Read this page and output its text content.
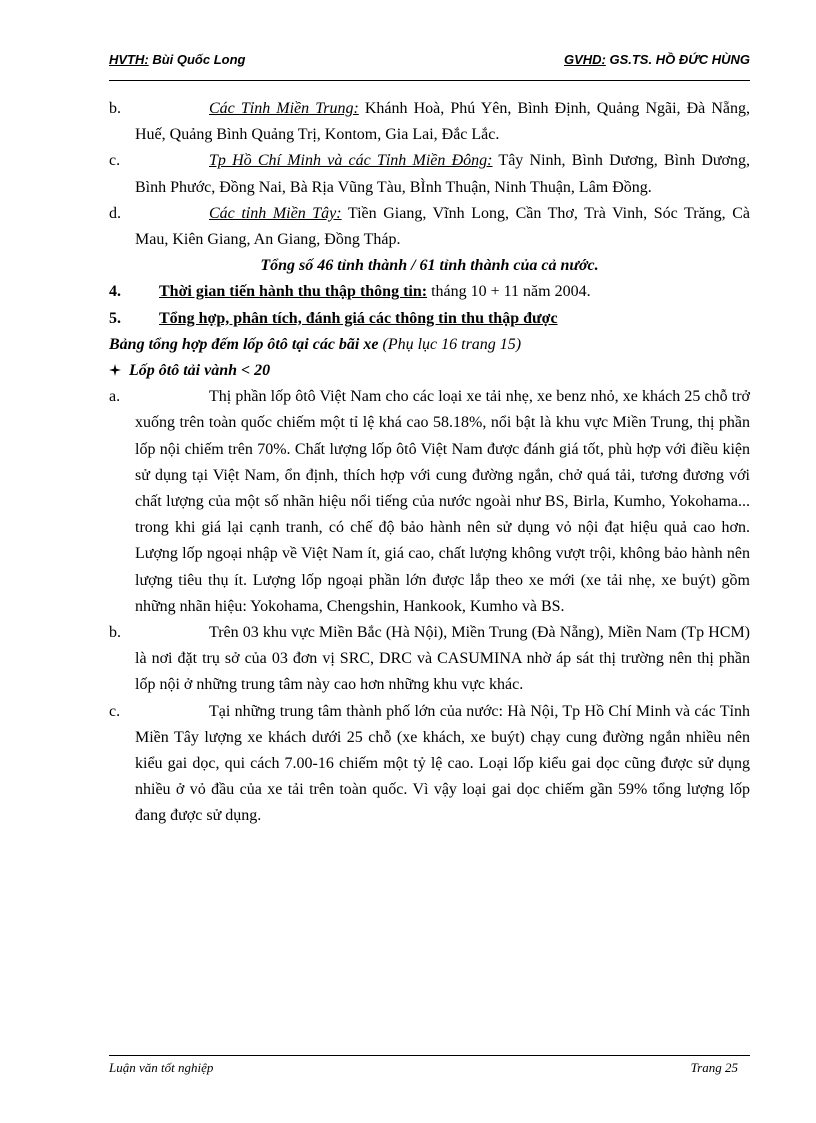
HVTH: Bùi Quốc Long	GVHD: GS.TS. HỒ ĐỨC HÙNG
b.	Các Tỉnh Miền Trung: Khánh Hoà, Phú Yên, Bình Định, Quảng Ngãi, Đà Nẵng, Huế, Quảng Bình Quảng Trị, Kontom, Gia Lai, Đắc Lắc.
c.	Tp Hồ Chí Minh và các Tỉnh Miền Đông: Tây Ninh, Bình Dương, Bình Dương, Bình Phước, Đồng Nai, Bà Rịa Vũng Tàu, BÌnh Thuận, Ninh Thuận, Lâm Đồng.
d.	Các tỉnh Miền Tây: Tiền Giang, Vĩnh Long, Cần Thơ, Trà Vinh, Sóc Trăng, Cà Mau, Kiên Giang, An Giang, Đồng Tháp.
Tổng số 46 tỉnh thành / 61 tỉnh thành của cả nước.
4.	Thời gian tiến hành thu thập thông tin: tháng 10 + 11 năm 2004.
5.	Tổng hợp, phân tích, đánh giá các thông tin thu thập được
Bảng tổng hợp đếm lốp ôtô tại các bãi xe (Phụ lục 16 trang 15)
Lốp ôtô tải vành < 20
a.	Thị phần lốp ôtô Việt Nam cho các loại xe tải nhẹ, xe benz nhỏ, xe khách 25 chỗ trở xuống trên toàn quốc chiếm một tỉ lệ khá cao 58.18%, nổi bật là khu vực Miền Trung, thị phần lốp nội chiếm trên 70%. Chất lượng lốp ôtô Việt Nam được đánh giá tốt, phù hợp với điều kiện sử dụng tại Việt Nam, ổn định, thích hợp với cung đường ngắn, chở quá tải, tương đương với chất lượng của một số nhãn hiệu nổi tiếng của nước ngoài như BS, Birla, Kumho, Yokohama... trong khi giá lại cạnh tranh, có chế độ bảo hành nên sử dụng vỏ nội đạt hiệu quả cao hơn. Lượng lốp ngoại nhập về Việt Nam ít, giá cao, chất lượng không vượt trội, không bảo hành nên lượng tiêu thụ ít. Lượng lốp ngoại phần lớn được lắp theo xe mới (xe tải nhẹ, xe buýt) gồm những nhãn hiệu: Yokohama, Chengshin, Hankook, Kumho và BS.
b.	Trên 03 khu vực Miền Bắc (Hà Nội), Miền Trung (Đà Nẵng), Miền Nam (Tp HCM) là nơi đặt trụ sở của 03 đơn vị SRC, DRC và CASUMINA nhờ áp sát thị trường nên thị phần lốp nội ở những trung tâm này cao hơn những khu vực khác.
c.	Tại những trung tâm thành phố lớn của nước: Hà Nội, Tp Hồ Chí Minh và các Tỉnh Miền Tây lượng xe khách dưới 25 chỗ (xe khách, xe buýt) chạy cung đường ngắn nhiều nên kiểu gai dọc, qui cách 7.00-16 chiếm một tỷ lệ cao. Loại lốp kiểu gai dọc cũng được sử dụng nhiều ở vỏ đầu của xe tải trên toàn quốc. Vì vậy loại gai dọc chiếm gần 59% tổng lượng lốp đang được sử dụng.
Luận văn tốt nghiệp	Trang 25
